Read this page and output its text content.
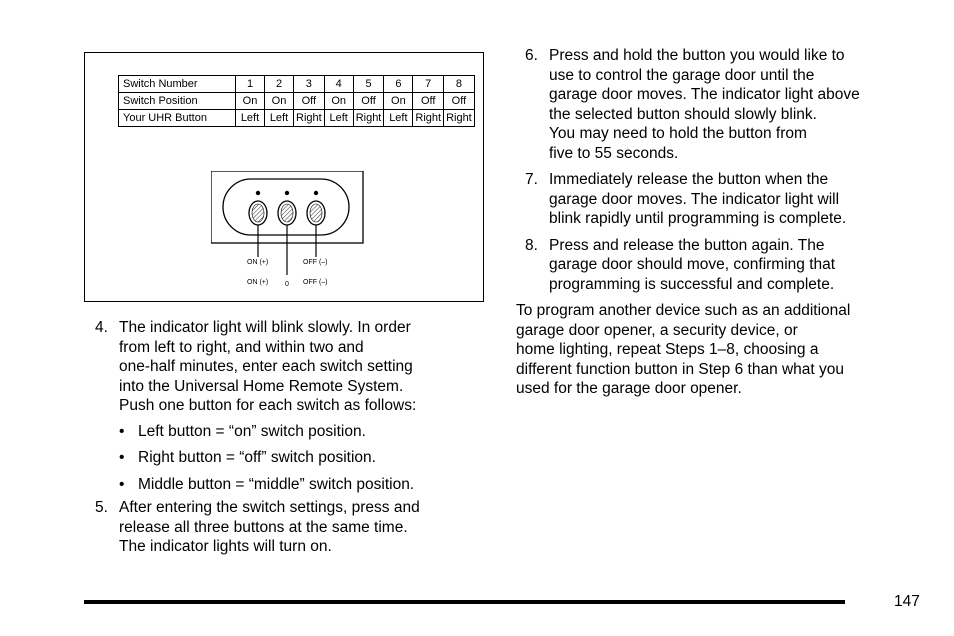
Switch Number	1	2	3	4	5	6	7	8
Switch Position	On	On	Off	On	Off	On	Off	Off
Your UHR Button	Left	Left	Right	Left	Right	Left	Right	Right
ON (+)	OFF (–)
ON (+) 0 OFF (–)
4. The indicator light will blink slowly. In order
from left to right, and within two and
one-half minutes, enter each switch setting
into the Universal Home Remote System.
Push one button for each switch as follows:
• Left button = “on” switch position.
• Right button = “off” switch position.
• Middle button = “middle” switch position.
5. After entering the switch settings, press and
release all three buttons at the same time.
The indicator lights will turn on.
6. Press and hold the button you would like to
use to control the garage door until the
garage door moves. The indicator light above
the selected button should slowly blink.
You may need to hold the button from
five to 55 seconds.
7. Immediately release the button when the
garage door moves. The indicator light will
blink rapidly until programming is complete.
8. Press and release the button again. The
garage door should move, confirming that
programming is successful and complete.
To program another device such as an additional
garage door opener, a security device, or
home lighting, repeat Steps 1–8, choosing a
different function button in Step 6 than what you
used for the garage door opener.
147
